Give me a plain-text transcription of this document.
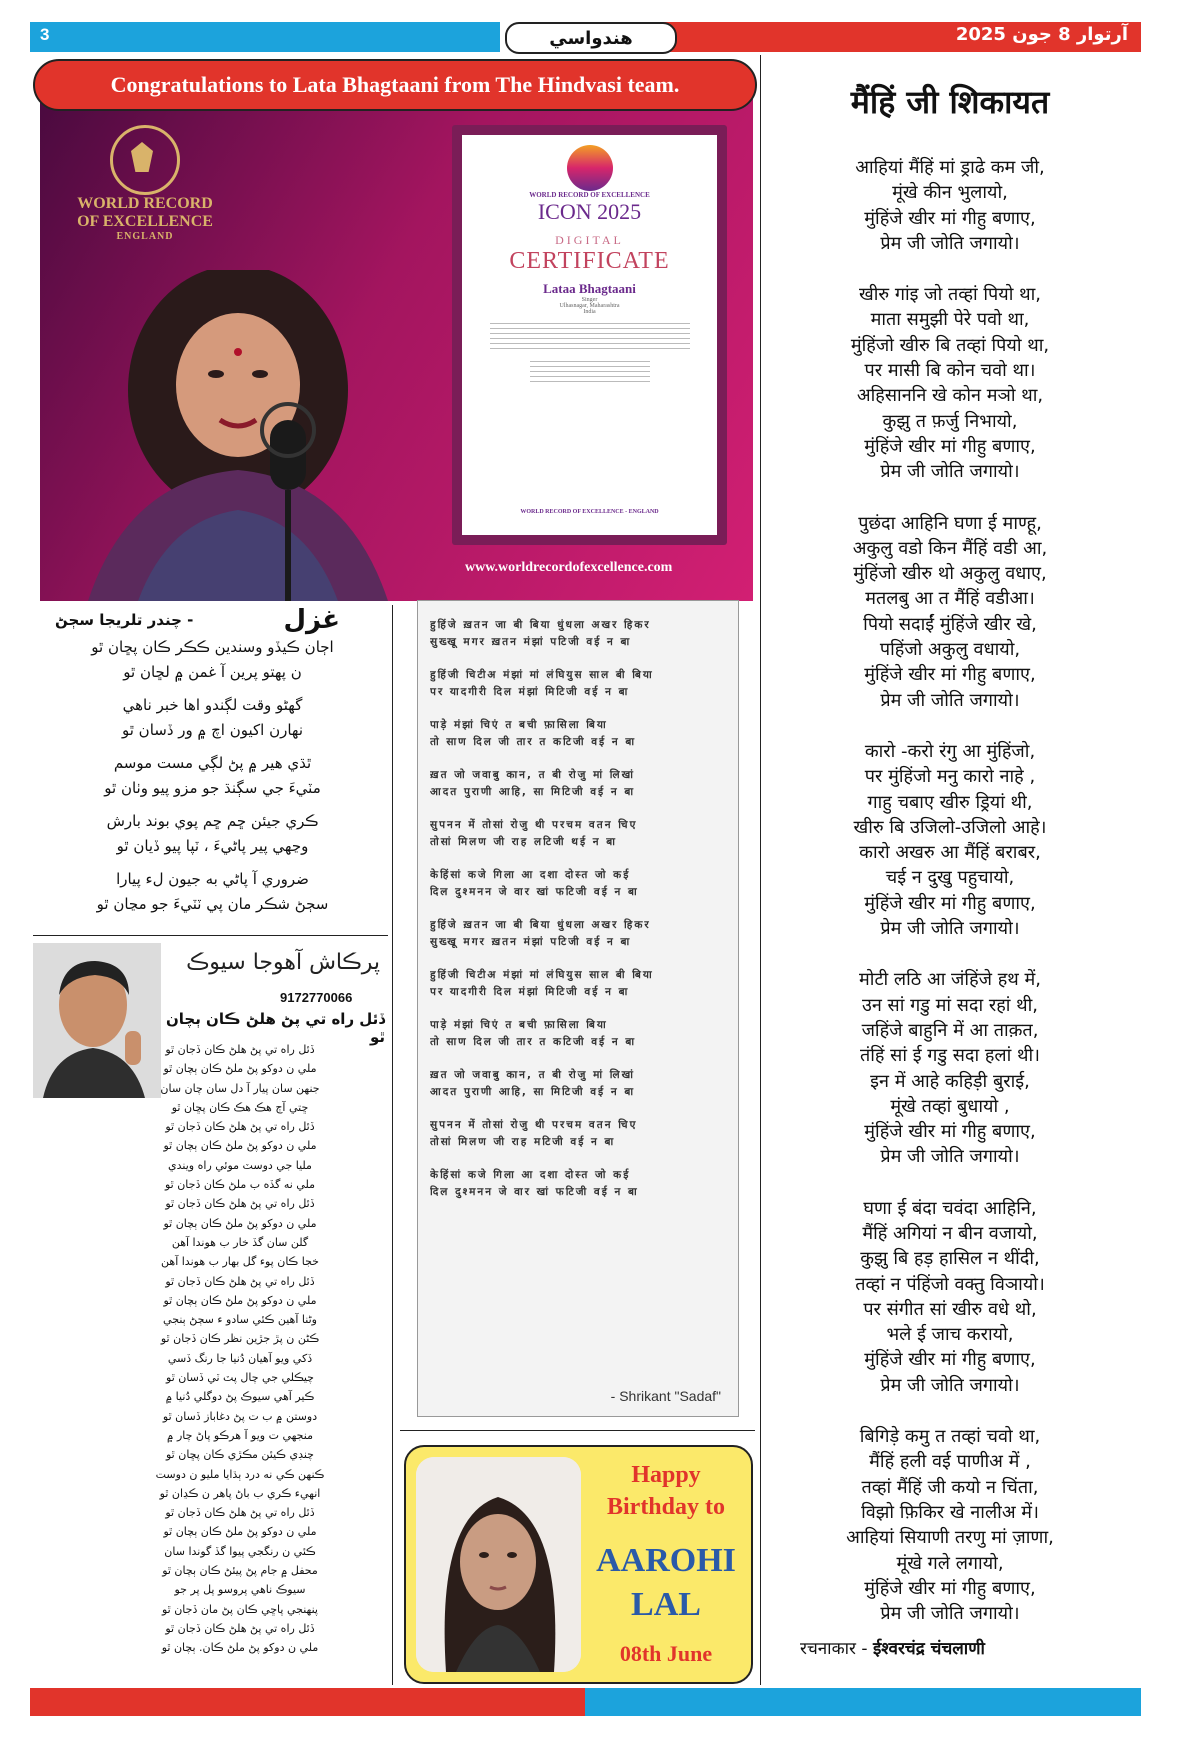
3	هندواسي	آرتوار 8 جون 2025
Congratulations to Lata Bhagtaani from The Hindvasi team.
WORLD RECORD
OF EXCELLENCE
ENGLAND
WORLD RECORD OF EXCELLENCE
ICON 2025
DIGITAL
CERTIFICATE
Lataa Bhagtaani
Singer
Ulhasnagar, Maharashtra
India
WORLD RECORD OF EXCELLENCE - ENGLAND
www.worldrecordofexcellence.com
غزل
- چندر تلريجا سڄڻ
اڄان ڪيڏو وسندين ڪڪر ڪان پڇان ٿو
ن پهتو پرين آ غمن ۾ لڇان ٿو
گهڻو وقت لڳندو اها خبر ناهي
نهارن اکيون اچ ۾ ور ڏسان ٿو
ٿڌي هير ۾ پڻ لڳي مست موسم
مٽيءَ جي سڳنڌ جو مزو پيو وٺان ٿو
ڪري جيئن ڇم ڇم پوي بوند بارش
وڃهي پير پاڻيءَ ، ٽپا پيو ڏيان ٿو
ضروري آ پاڻي به جيون لء پيارا
سڄڻ شڪر مان پي ٽٽيءَ جو مڃان ٿو
پرڪاش آهوجا سيوڪ
9172770066
ڏئل راه تي پڻ هلڻ ڪان ٻچان ٿو
ڏئل راه تي پڻ هلڻ ڪان ڏجان ٿو
ملي ن دوکو پڻ ملڻ ڪان ٻچان ٿو
جنهن سان پيار آ دل سان چان سان
ڇتي آڄ هڪ هڪ ڪان پڇان ٿو
ڏئل راه تي پڻ هلڻ ڪان ڏجان ٿو
ملي ن دوکو پڻ ملڻ ڪان ٻچان ٿو
مليا جي دوسٽ موئي راه ويندي
ملي نه گڏه ب ملڻ ڪان ڏجان ٿو
ڏئل راه تي پڻ هلڻ ڪان ڏجان ٿو
ملي ن دوکو پڻ ملڻ ڪان ٻچان ٿو
گلن سان گڏ خار ب هوندا آهن
خجا ڪان پوء گل بهار ب هوندا آهن
ڏئل راه تي پڻ هلڻ ڪان ڏجان ٿو
ملي ن دوکو پڻ ملڻ ڪان ٻچان ٿو
وڻنا آهين ڪئي سادو ء سڄڻ ٻنجي
ڪڻن ن پڙ جڙين نظر ڪان ڏجان ٿو
ڏکي ويو آهيان دُنيا جا رنگ ڏسي
چيڪلي جي چال پٽ ٽي ڏسان ٿو
ڪير آهي سيوڪ پڻ دوگلي دُنيا ۾
دوستن ۾ ب ت پڻ دغاباز ڏسان ٿو
منجهي ت ويو آ هرڪو پاڻ چار ۾
چنڊي ڪيئن مڪڙي ڪان پڇان ٿو
ڪنهن ڪي نه درد ٻڌايا مليو ن دوست
انهيء ڪري ب باڻ پاهر ن ڪڍان ٿو
ڏئل راه تي پڻ هلڻ ڪان ڏجان ٿو
ملي ن دوکو پڻ ملڻ ڪان ٻچان ٿو
ڪئي ن رنگجي پيوا گڏ گوندا سان
محفل ۾ جام پڻ پيئڻ ڪان ٻچان ٿو
سيوڪ ناهي پروسو پل پر جو
پنهنجي پاڇي ڪان پڻ مان ڏجان ٿو
ڏئل راه تي پڻ هلڻ ڪان ڏجان ٿو
ملي ن دوکو پڻ ملڻ ڪان. ٻچان ٿو
हुहिंजे ख़तन जा बी बिया धुंधला अखर हिकर
सुख्खू मगर ख़तन मंझां पटिजी वई न बा
हुहिंजी चिटीअ मंझां मां लंघियुस साल बी बिया
पर यादगीरी दिल मंझां मिटिजी वई न बा
पाड़े मंझां चिएं त बची फ़ासिला बिया
तो साण दिल जी तार त कटिजी वई न बा
ख़त जो जवाबु कान, त बी रोजु मां लिखां
आदत पुराणी आहि, सा मिटिजी वई न बा
सुपनन में तोसां रोजु थी परचम वतन चिए
तोसां मिलण जी राह लटिजी थई न बा
केहिंसां कजे गिला आ दशा दोस्त जो कई
दिल दुश्मनन जे वार खां फटिजी वई न बा
हुहिंजे ख़तन जा बी बिया धुंधला अखर हिकर
सुख्खू मगर ख़तन मंझां पटिजी वई न बा
हुहिंजी चिटीअ मंझां मां लंघियुस साल बी बिया
पर यादगीरी दिल मंझां मिटिजी वई न बा
पाड़े मंझां चिएं त बची फ़ासिला बिया
तो साण दिल जी तार त कटिजी वई न बा
ख़त जो जवाबु कान, त बी रोजु मां लिखां
आदत पुराणी आहि, सा मिटिजी वई न बा
सुपनन में तोसां रोजु थी परचम वतन चिए
तोसां मिलण जी राह मटिजी वई न बा
केहिंसां कजे गिला आ दशा दोस्त जो कई
दिल दुश्मनन जे वार खां फटिजी वई न बा
- Shrikant "Sadaf"
Happy
Birthday to
AAROHI
LAL
08th June
मैंहिं जी शिकायत
आहियां मैंहिं मां ड्राढे कम जी,
मूंखे कीन भुलायो,
मुंहिंजे खीर मां गीहु बणाए,
प्रेम जी जोति जगायो।
खीरु गांइ जो तव्हां पियो था,
माता समुझी पेरे पवो था,
मुंहिंजो खीरु बि तव्हां पियो था,
पर मासी बि कोन चवो था।
अहिसाननि खे कोन मञो था,
कुझु त फ़र्जु निभायो,
मुंहिंजे खीर मां गीहु बणाए,
प्रेम जी जोति जगायो।
पुछंदा आहिनि घणा ई माण्हू,
अकुलु वडो किन मैंहिं वडी आ,
मुंहिंजो खीरु थो अकुलु वधाए,
मतलबु आ त मैंहिं वडीआ।
पियो सदाईं मुंहिंजे खीर खे,
पहिंजो अकुलु वधायो,
मुंहिंजे खीर मां गीहु बणाए,
प्रेम जी जोति जगायो।
कारो -करो रंगु आ मुंहिंजो,
पर मुंहिंजो मनु कारो नाहे ,
गाहु चबाए खीरु ड्रियां थी,
खीरु बि उजिलो-उजिलो आहे।
कारो अखरु आ मैंहिं बराबर,
चई न दुखु पहुचायो,
मुंहिंजे खीर मां गीहु बणाए,
प्रेम जी जोति जगायो।
मोटी लठि आ जंहिंजे हथ में,
उन सां गडु मां सदा रहां थी,
जहिंजे बाहुनि में आ ताक़त,
तंहिं सां ई गडु सदा हलां थी।
इन में आहे कहिड़ी बुराई,
मूंखे तव्हां बुधायो ,
मुंहिंजे खीर मां गीहु बणाए,
प्रेम जी जोति जगायो।
घणा ई बंदा चवंदा आहिनि,
मैंहिं अगियां न बीन वजायो,
कुझु बि हड़ हासिल न थींदी,
तव्हां न पंहिंजो वक्तु विञायो।
पर संगीत सां खीरु वधे थो,
भले ई जाच करायो,
मुंहिंजे खीर मां गीहु बणाए,
प्रेम जी जोति जगायो।
बिगिड़े कमु त तव्हां चवो था,
मैंहिं हली वई पाणीअ में ,
तव्हां मैंहिं जी कयो न चिंता,
विझो फ़िकिर खे नालीअ में।
आहियां सियाणी तरणु मां ज़ाणा,
मूंखे गले लगायो,
मुंहिंजे खीर मां गीहु बणाए,
प्रेम जी जोति जगायो।
रचनाकार - ईश्वरचंद्र चंचलाणी
